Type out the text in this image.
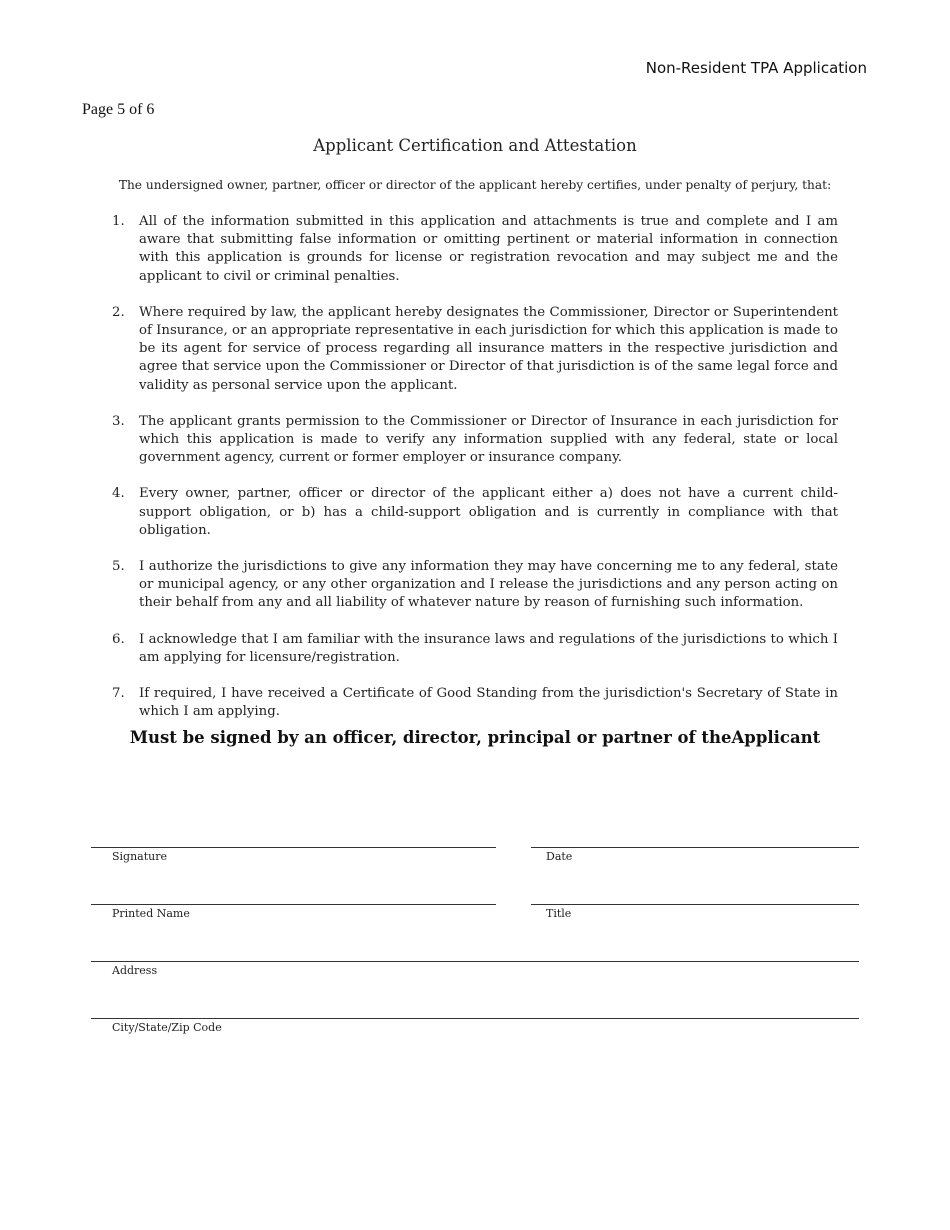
Non-Resident TPA Application
Page 5 of 6
Applicant Certification and Attestation
The undersigned owner, partner, officer or director of the applicant hereby certifies, under penalty of perjury, that:
1. All of the information submitted in this application and attachments is true and complete and I am aware that submitting false information or omitting pertinent or material information in connection with this application is grounds for license or registration revocation and may subject me and the applicant to civil or criminal penalties.
2. Where required by law, the applicant hereby designates the Commissioner, Director or Superintendent of Insurance, or an appropriate representative in each jurisdiction for which this application is made to be its agent for service of process regarding all insurance matters in the respective jurisdiction and agree that service upon the Commissioner or Director of that jurisdiction is of the same legal force and validity as personal service upon the applicant.
3. The applicant grants permission to the Commissioner or Director of Insurance in each jurisdiction for which this application is made to verify any information supplied with any federal, state or local government agency, current or former employer or insurance company.
4. Every owner, partner, officer or director of the applicant either a) does not have a current child-support obligation, or b) has a child-support obligation and is currently in compliance with that obligation.
5. I authorize the jurisdictions to give any information they may have concerning me to any federal, state or municipal agency, or any other organization and I release the jurisdictions and any person acting on their behalf from any and all liability of whatever nature by reason of furnishing such information.
6. I acknowledge that I am familiar with the insurance laws and regulations of the jurisdictions to which I am applying for licensure/registration.
7. If required, I have received a Certificate of Good Standing from the jurisdiction's Secretary of State in which I am applying.
Must be signed by an officer, director, principal or partner of theApplicant
Signature	Date
Printed Name	Title
Address
City/State/Zip Code
